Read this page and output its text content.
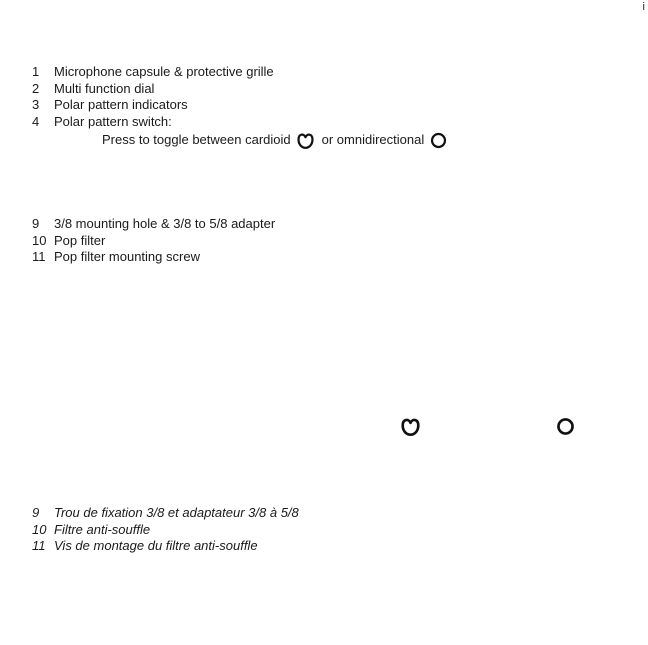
i
1	Microphone capsule & protective grille
2	Multi function dial
3	Polar pattern indicators
4	Polar pattern switch:
Press to toggle between cardioid or omnidirectional
9	3/8 mounting hole & 3/8 to 5/8 adapter
10 Pop filter
11 Pop filter mounting screw
9	Trou de fixation 3/8 et adaptateur 3/8 à 5/8
10 Filtre anti-souffle
11 Vis de montage du filtre anti-souffle
